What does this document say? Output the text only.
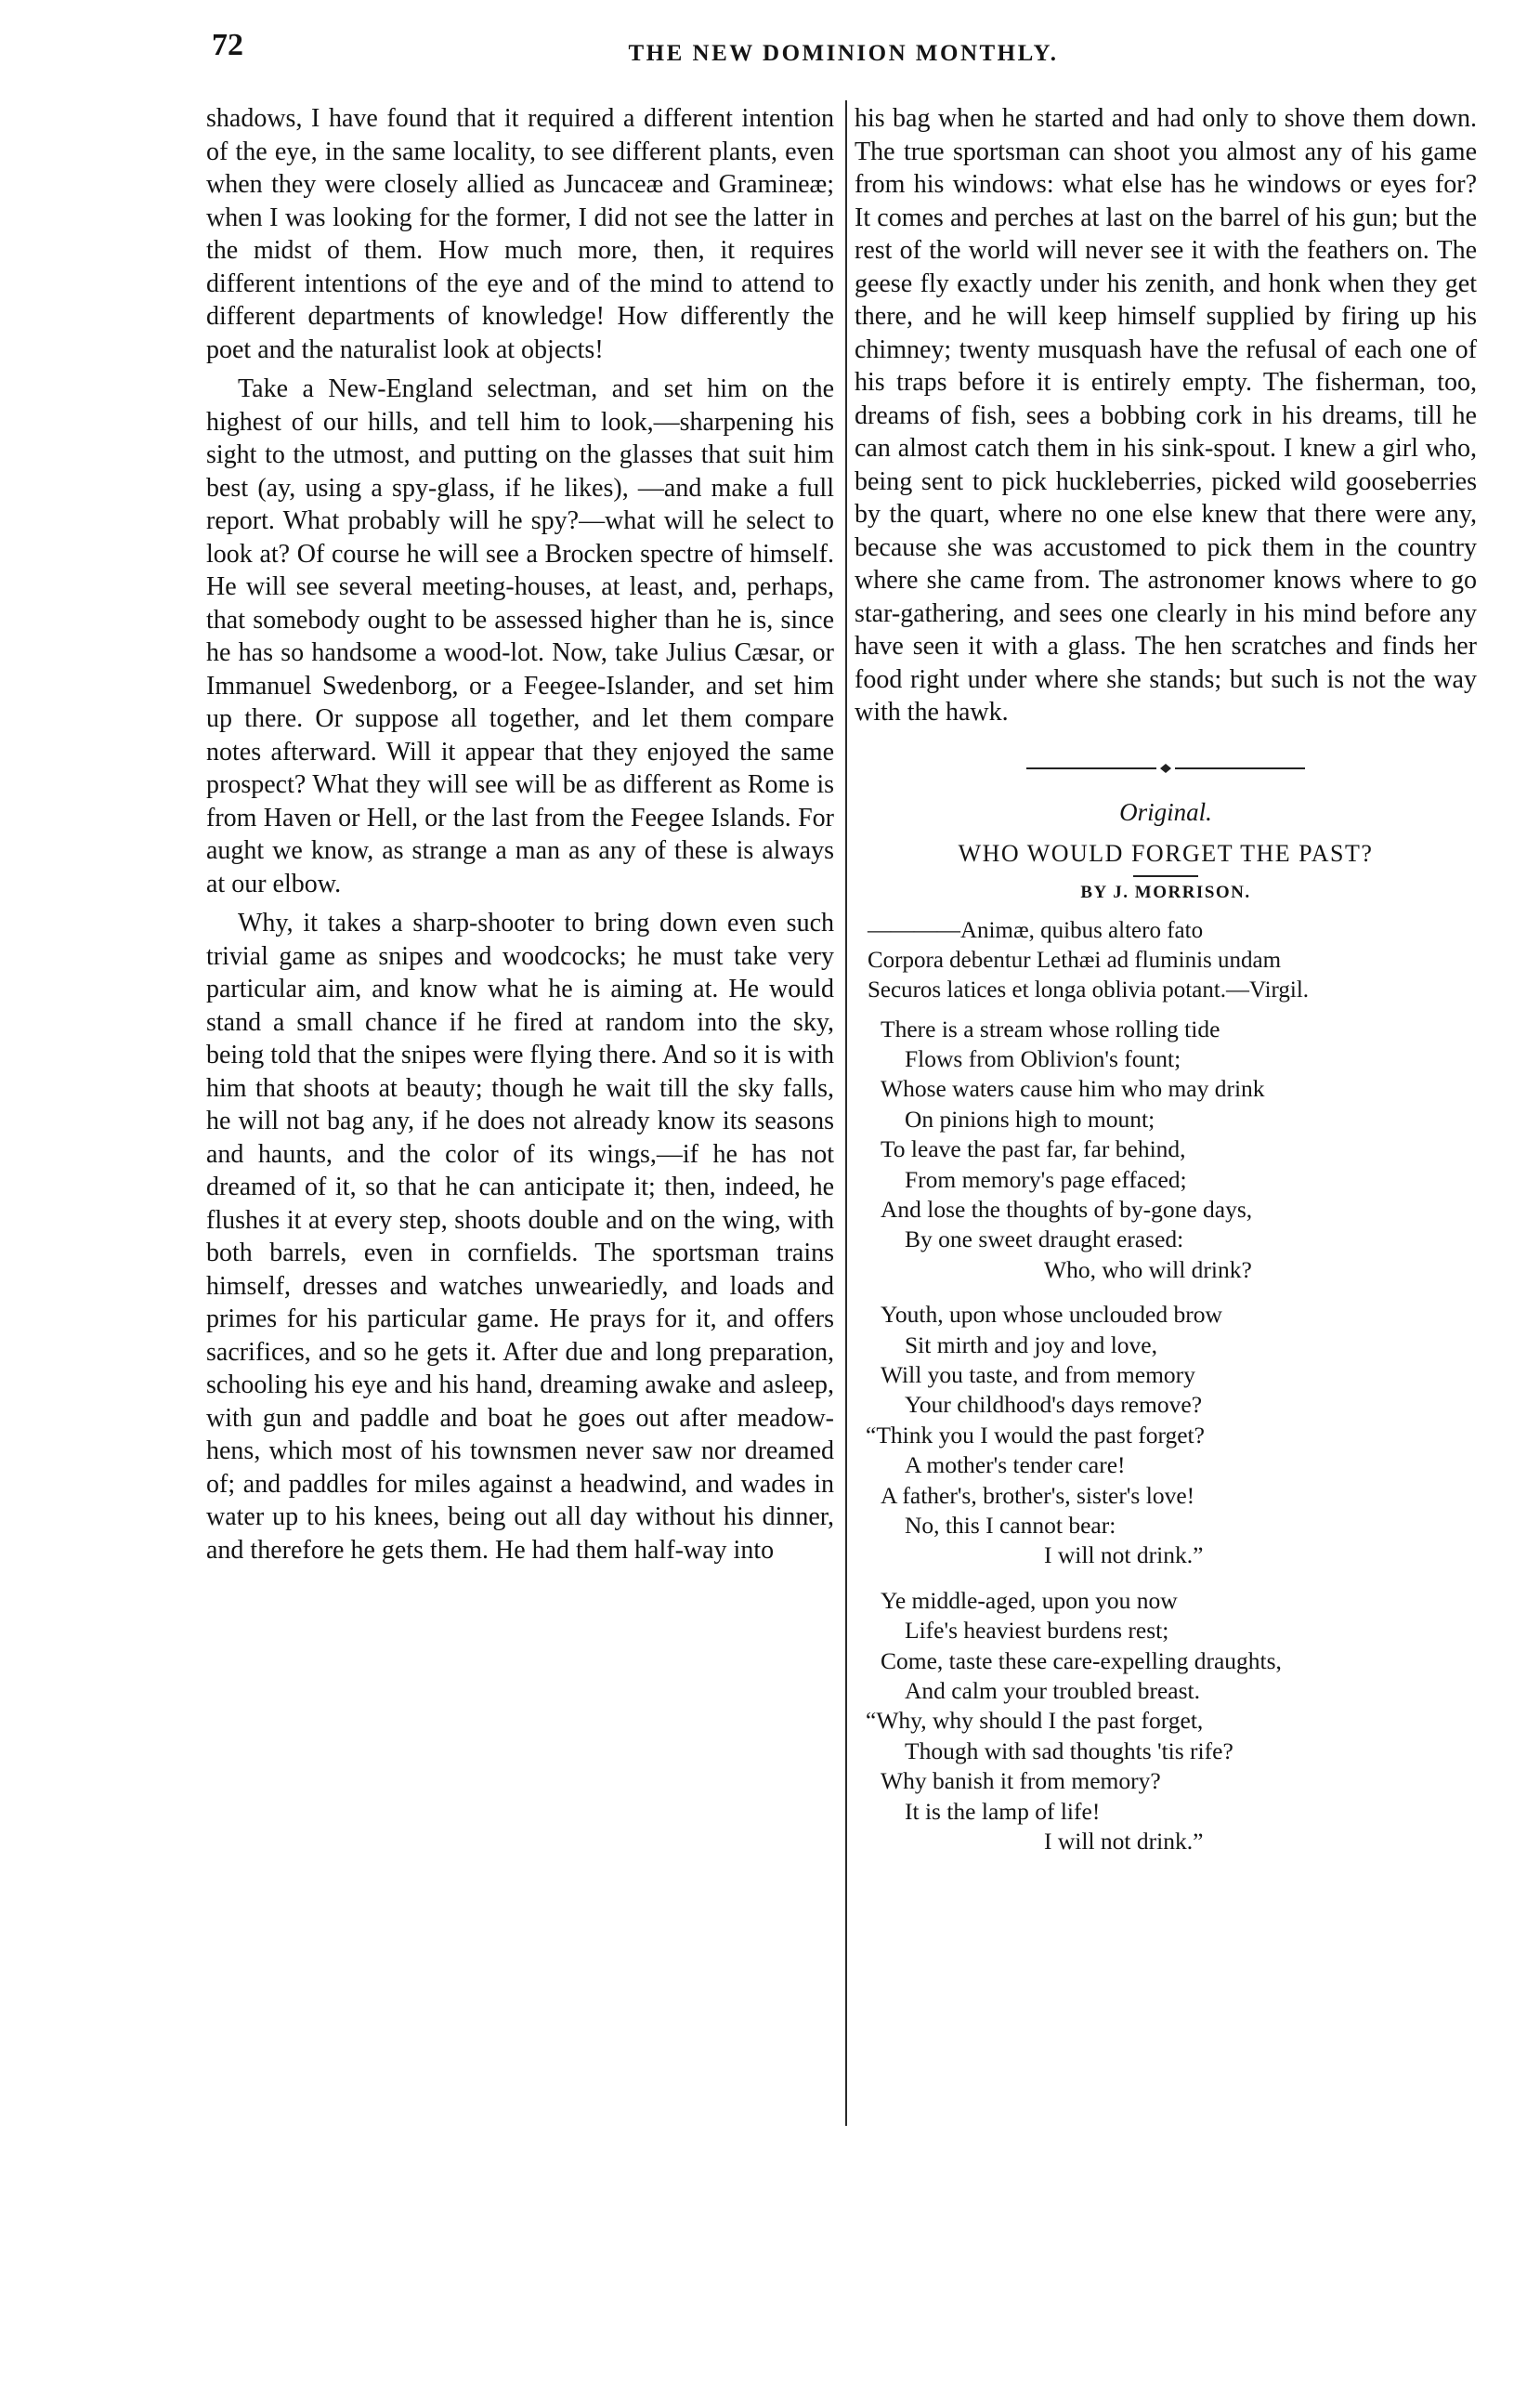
72	THE NEW DOMINION MONTHLY.

shadows, I have found that it required a different intention of the eye, in the same locality, to see different plants, even when they were closely allied as Juncaceæ and Gramineæ; when I was looking for the former, I did not see the latter in the midst of them. How much more, then, it requires different intentions of the eye and of the mind to attend to different departments of knowledge! How differently the poet and the naturalist look at objects!

Take a New-England selectman, and set him on the highest of our hills, and tell him to look,—sharpening his sight to the utmost, and putting on the glasses that suit him best (ay, using a spy-glass, if he likes), —and make a full report. What probably will he spy?—what will he select to look at? Of course he will see a Brocken spectre of himself. He will see several meeting-houses, at least, and, perhaps, that somebody ought to be assessed higher than he is, since he has so handsome a wood-lot. Now, take Julius Cæsar, or Immanuel Swedenborg, or a Feegee-Islander, and set him up there. Or suppose all together, and let them compare notes afterward. Will it appear that they enjoyed the same prospect? What they will see will be as different as Rome is from Haven or Hell, or the last from the Feegee Islands. For aught we know, as strange a man as any of these is always at our elbow.

Why, it takes a sharp-shooter to bring down even such trivial game as snipes and woodcocks; he must take very particular aim, and know what he is aiming at. He would stand a small chance if he fired at random into the sky, being told that the snipes were flying there. And so it is with him that shoots at beauty; though he wait till the sky falls, he will not bag any, if he does not already know its seasons and haunts, and the color of its wings,—if he has not dreamed of it, so that he can anticipate it; then, indeed, he flushes it at every step, shoots double and on the wing, with both barrels, even in cornfields. The sportsman trains himself, dresses and watches unweariedly, and loads and primes for his particular game. He prays for it, and offers sacrifices, and so he gets it. After due and long preparation, schooling his eye and his hand, dreaming awake and asleep, with gun and paddle and boat he goes out after meadow-hens, which most of his townsmen never saw nor dreamed of; and paddles for miles against a headwind, and wades in water up to his knees, being out all day without his dinner, and therefore he gets them. He had them half-way into

his bag when he started and had only to shove them down. The true sportsman can shoot you almost any of his game from his windows: what else has he windows or eyes for? It comes and perches at last on the barrel of his gun; but the rest of the world will never see it with the feathers on. The geese fly exactly under his zenith, and honk when they get there, and he will keep himself supplied by firing up his chimney; twenty musquash have the refusal of each one of his traps before it is entirely empty. The fisherman, too, dreams of fish, sees a bobbing cork in his dreams, till he can almost catch them in his sink-spout. I knew a girl who, being sent to pick huckleberries, picked wild gooseberries by the quart, where no one else knew that there were any, because she was accustomed to pick them in the country where she came from. The astronomer knows where to go star-gathering, and sees one clearly in his mind before any have seen it with a glass. The hen scratches and finds her food right under where she stands; but such is not the way with the hawk.

Original.
WHO WOULD FORGET THE PAST?
BY J. MORRISON.
————Animæ, quibus altero fato
Corpora debentur Lethæi ad fluminis undam
Securos latices et longa oblivia potant.—Virgil.
There is a stream whose rolling tide
Flows from Oblivion's fount;
Whose waters cause him who may drink
On pinions high to mount;
To leave the past far, far behind,
From memory's page effaced;
And lose the thoughts of by-gone days,
By one sweet draught erased:
Who, who will drink?
Youth, upon whose unclouded brow
Sit mirth and joy and love,
Will you taste, and from memory
Your childhood's days remove?
“Think you I would the past forget?
A mother's tender care!
A father's, brother's, sister's love!
No, this I cannot bear:
I will not drink.”
Ye middle-aged, upon you now
Life's heaviest burdens rest;
Come, taste these care-expelling draughts,
And calm your troubled breast.
“Why, why should I the past forget,
Though with sad thoughts 'tis rife?
Why banish it from memory?
It is the lamp of life!
I will not drink.”
